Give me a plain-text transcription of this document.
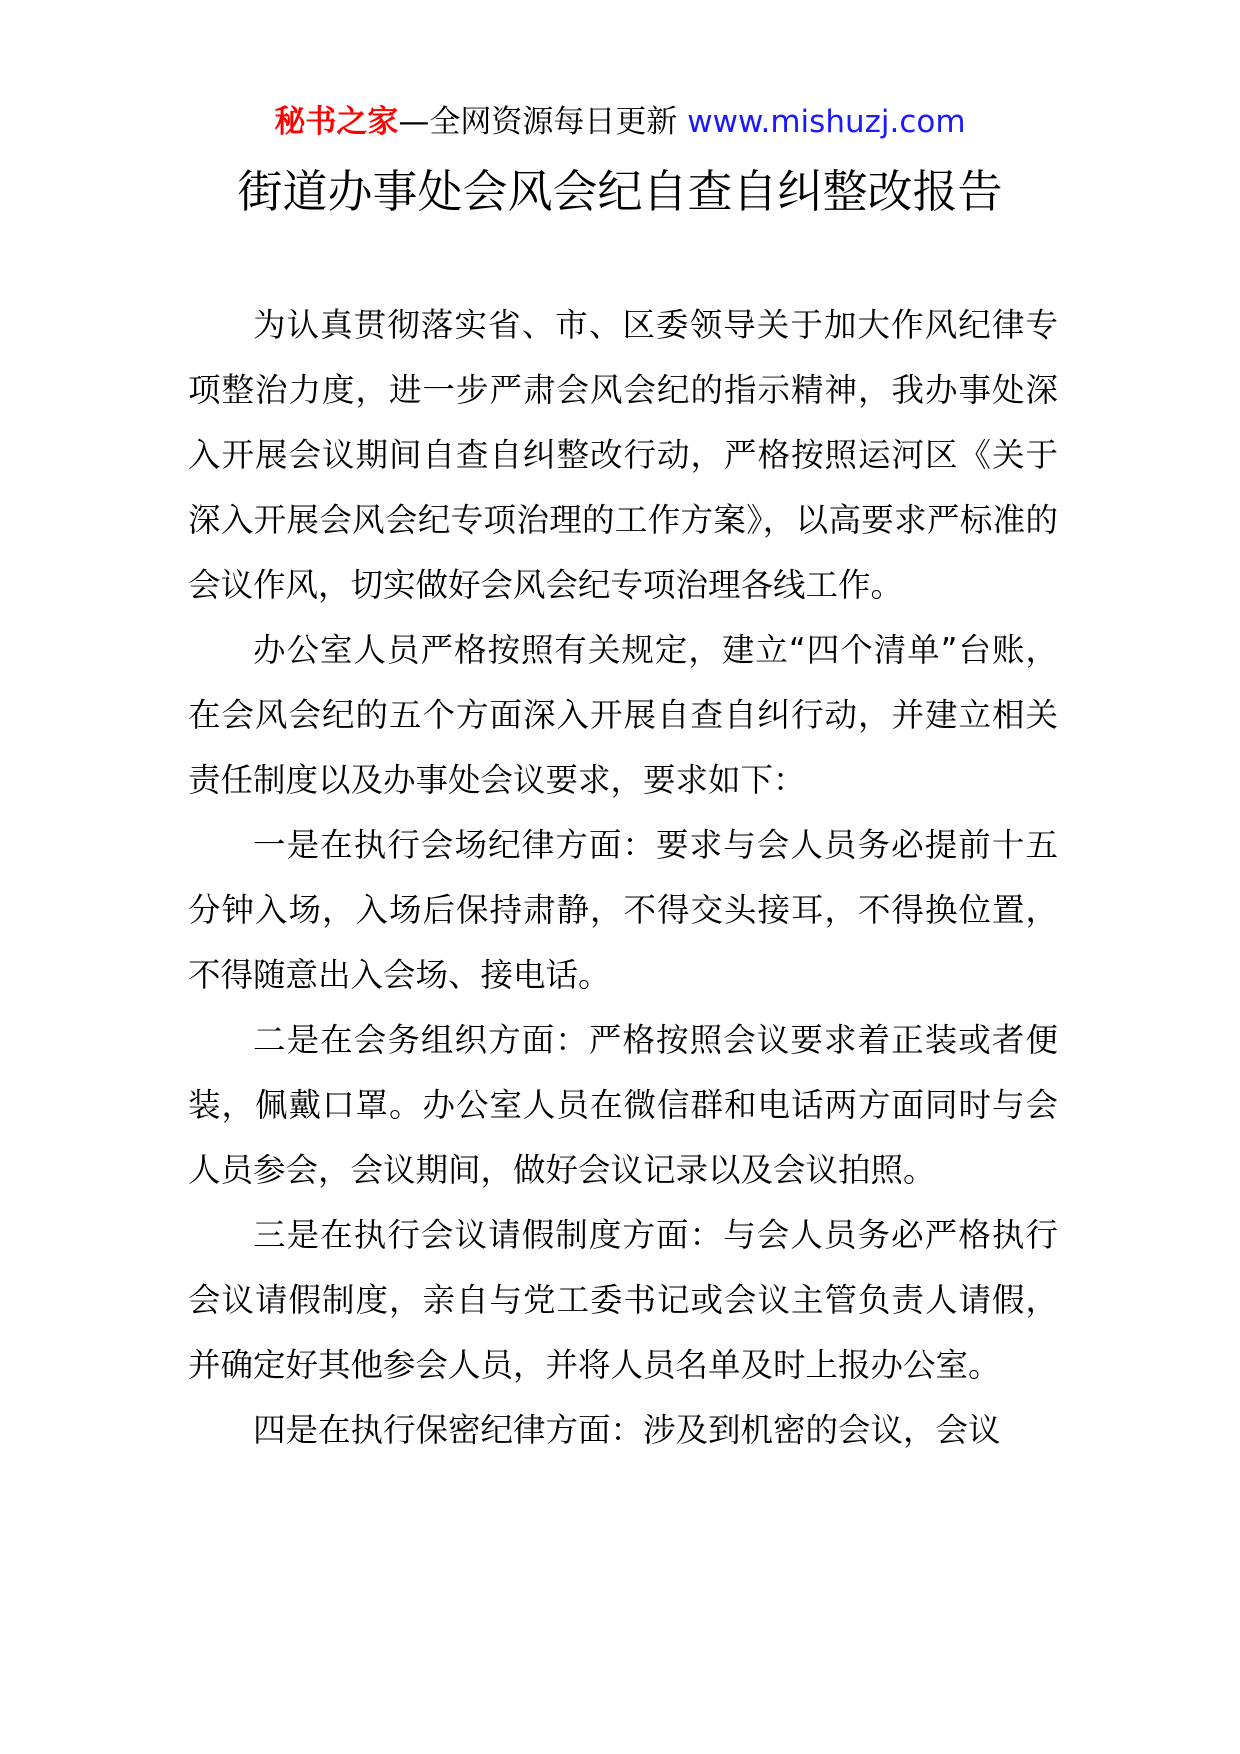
秘书之家—全网资源每日更新 www.mishuzj.com
街道办事处会风会纪自查自纠整改报告

为认真贯彻落实省、市、区委领导关于加大作风纪律专项整治力度，进一步严肃会风会纪的指示精神，我办事处深入开展会议期间自查自纠整改行动，严格按照运河区《关于深入开展会风会纪专项治理的工作方案》，以高要求严标准的会议作风，切实做好会风会纪专项治理各线工作。

办公室人员严格按照有关规定，建立“四个清单”台账，在会风会纪的五个方面深入开展自查自纠行动，并建立相关责任制度以及办事处会议要求，要求如下：

一是在执行会场纪律方面：要求与会人员务必提前十五分钟入场，入场后保持肃静，不得交头接耳，不得换位置，不得随意出入会场、接电话。

二是在会务组织方面：严格按照会议要求着正装或者便装，佩戴口罩。办公室人员在微信群和电话两方面同时与会人员参会，会议期间，做好会议记录以及会议拍照。

三是在执行会议请假制度方面：与会人员务必严格执行会议请假制度，亲自与党工委书记或会议主管负责人请假，并确定好其他参会人员，并将人员名单及时上报办公室。

四是在执行保密纪律方面：涉及到机密的会议，会议
